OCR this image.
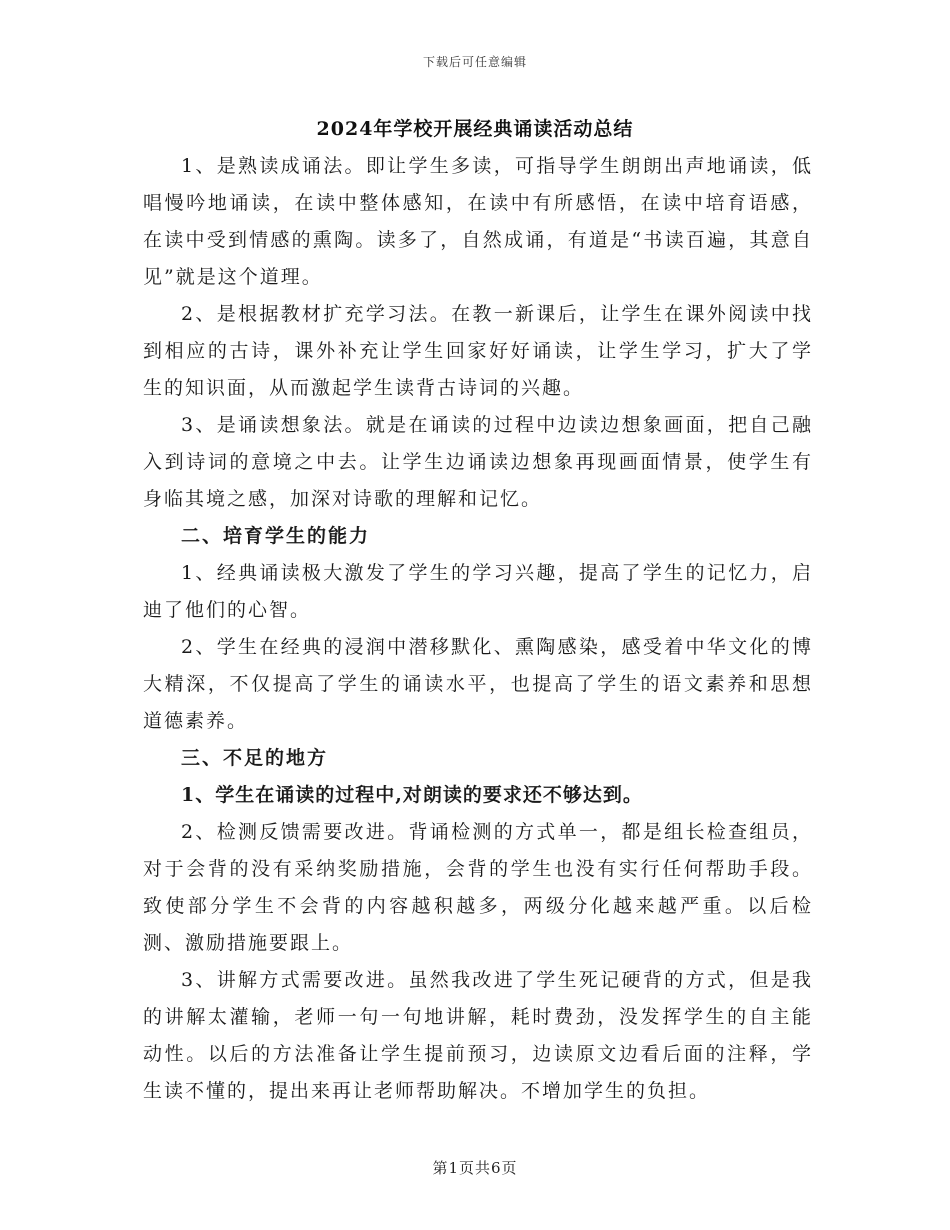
下载后可任意编辑
2024年学校开展经典诵读活动总结

1、是熟读成诵法。即让学生多读，可指导学生朗朗出声地诵读，低唱慢吟地诵读，在读中整体感知，在读中有所感悟，在读中培育语感，在读中受到情感的熏陶。读多了，自然成诵，有道是“书读百遍，其意自见”就是这个道理。

2、是根据教材扩充学习法。在教一新课后，让学生在课外阅读中找到相应的古诗，课外补充让学生回家好好诵读，让学生学习，扩大了学生的知识面，从而激起学生读背古诗词的兴趣。

3、是诵读想象法。就是在诵读的过程中边读边想象画面，把自己融入到诗词的意境之中去。让学生边诵读边想象再现画面情景，使学生有身临其境之感，加深对诗歌的理解和记忆。

二、培育学生的能力

1、经典诵读极大激发了学生的学习兴趣，提高了学生的记忆力，启迪了他们的心智。

2、学生在经典的浸润中潜移默化、熏陶感染，感受着中华文化的博大精深，不仅提高了学生的诵读水平，也提高了学生的语文素养和思想道德素养。

三、不足的地方

1、学生在诵读的过程中,对朗读的要求还不够达到。

2、检测反馈需要改进。背诵检测的方式单一，都是组长检查组员，对于会背的没有采纳奖励措施，会背的学生也没有实行任何帮助手段。致使部分学生不会背的内容越积越多，两级分化越来越严重。以后检测、激励措施要跟上。

3、讲解方式需要改进。虽然我改进了学生死记硬背的方式，但是我的讲解太灌输，老师一句一句地讲解，耗时费劲，没发挥学生的自主能动性。以后的方法准备让学生提前预习，边读原文边看后面的注释，学生读不懂的，提出来再让老师帮助解决。不增加学生的负担。

第1页共6页
